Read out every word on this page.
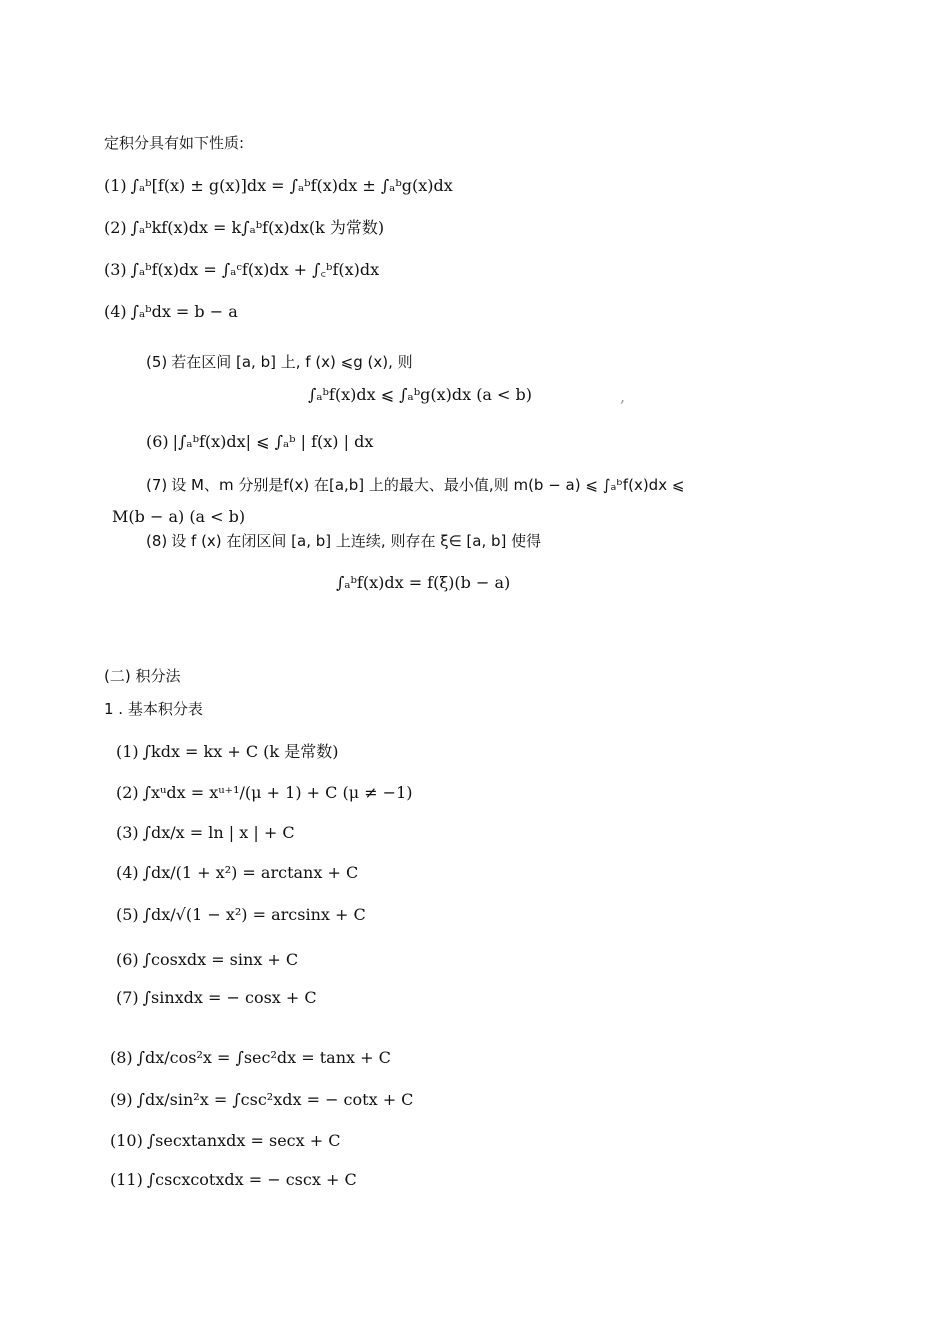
定积分具有如下性质:
(1) ∫ₐᵇ[f(x) ± g(x)]dx = ∫ₐᵇf(x)dx ± ∫ₐᵇg(x)dx
(2) ∫ₐᵇkf(x)dx = k∫ₐᵇf(x)dx(k 为常数)
(3) ∫ₐᵇf(x)dx = ∫ₐᶜf(x)dx + ∫꜀ᵇf(x)dx
(4) ∫ₐᵇdx = b − a
(5) 若在区间 [a, b] 上, f (x) ⩽g (x), 则
∫ₐᵇf(x)dx ⩽ ∫ₐᵇg(x)dx (a < b)	,
(6) |∫ₐᵇf(x)dx| ⩽ ∫ₐᵇ | f(x) | dx
(7) 设 M、m 分别是f(x) 在[a,b] 上的最大、最小值,则 m(b − a) ⩽ ∫ₐᵇf(x)dx ⩽
M(b − a) (a < b)
(8) 设 f (x) 在闭区间 [a, b] 上连续, 则存在 ξ∈ [a, b] 使得
∫ₐᵇf(x)dx = f(ξ)(b − a)
(二) 积分法
1 . 基本积分表
(1) ∫kdx = kx + C (k 是常数)
(2) ∫xᵘdx = xᵘ⁺¹/(μ + 1) + C (μ ≠ −1)
(3) ∫dx/x = ln | x | + C
(4) ∫dx/(1 + x²) = arctanx + C
(5) ∫dx/√(1 − x²) = arcsinx + C
(6) ∫cosxdx = sinx + C
(7) ∫sinxdx = − cosx + C
(8) ∫dx/cos²x = ∫sec²dx = tanx + C
(9) ∫dx/sin²x = ∫csc²xdx = − cotx + C
(10) ∫secxtanxdx = secx + C
(11) ∫cscxcotxdx = − cscx + C
